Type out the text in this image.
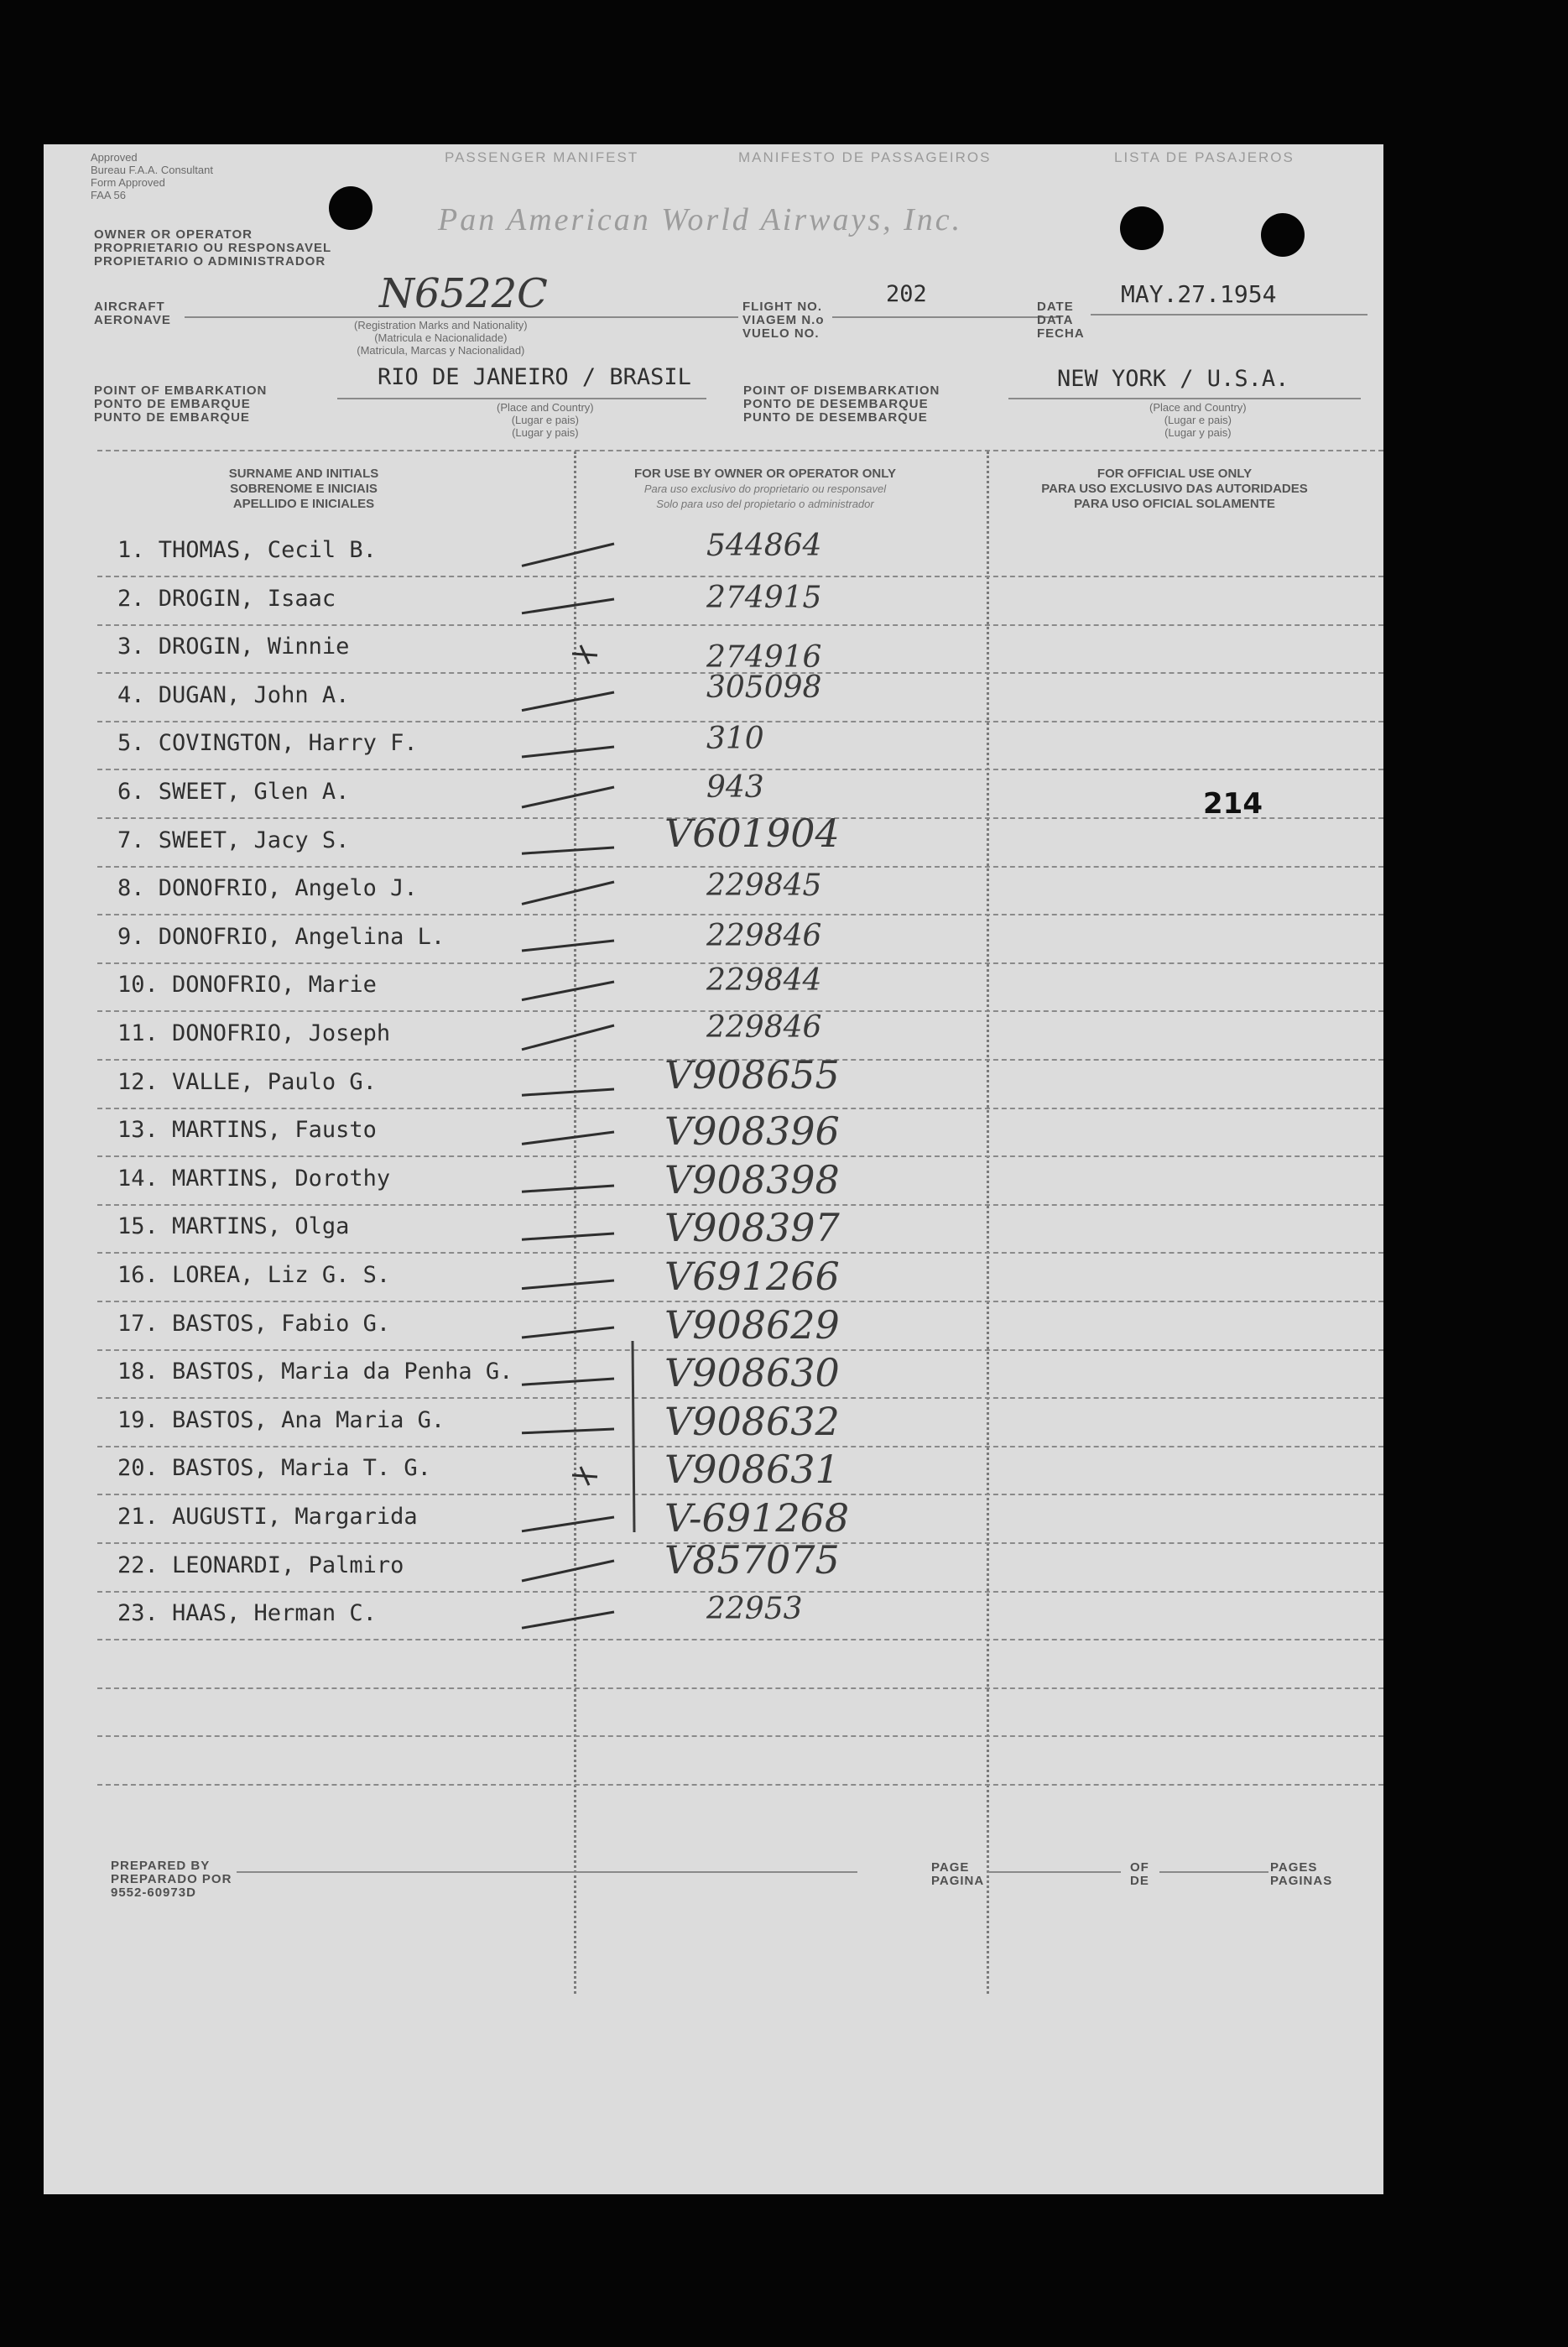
Approved
Bureau F.A.A. Consultant
Form Approved
FAA 56
PASSENGER MANIFEST	MANIFESTO DE PASSAGEIROS	LISTA DE PASAJEROS
Pan American World Airways, Inc.
OWNER OR OPERATOR
PROPRIETARIO OU RESPONSAVEL
PROPIETARIO O ADMINISTRADOR
AIRCRAFT
AERONAVE
N6522C
(Registration Marks and Nationality)
(Matricula e Nacionalidade)
(Matricula, Marcas y Nacionalidad)
FLIGHT NO.
VIAGEM N.o
VUELO NO.
202	DATE
DATA
FECHA
MAY.27.1954
POINT OF EMBARKATION
PONTO DE EMBARQUE
PUNTO DE EMBARQUE
RIO DE JANEIRO / BRASIL
(Place and Country)
(Lugar e pais)
(Lugar y pais)
POINT OF DISEMBARKATION
PONTO DE DESEMBARQUE
PUNTO DE DESEMBARQUE
NEW YORK / U.S.A.
(Place and Country)
(Lugar e pais)
(Lugar y pais)
SURNAME AND INITIALS
SOBRENOME E INICIAIS
APELLIDO E INICIALES
FOR USE BY OWNER OR OPERATOR ONLY
Para uso exclusivo do proprietario ou responsavel
Solo para uso del propietario o administrador
FOR OFFICIAL USE ONLY
PARA USO EXCLUSIVO DAS AUTORIDADES
PARA USO OFICIAL SOLAMENTE
1. THOMAS, Cecil B.	544864
2. DROGIN, Isaac	274915
3. DROGIN, Winnie	274916
4. DUGAN, John A.	305098
5. COVINGTON, Harry F.	310
6. SWEET, Glen A.	943
7. SWEET, Jacy S.	V601904
8. DONOFRIO, Angelo J.	229845
9. DONOFRIO, Angelina L.	229846
10. DONOFRIO, Marie	229844
11. DONOFRIO, Joseph	229846
12. VALLE, Paulo G.	V908655
13. MARTINS, Fausto	V908396
14. MARTINS, Dorothy	V908398
15. MARTINS, Olga	V908397
16. LOREA, Liz G. S.	V691266
17. BASTOS, Fabio G.	V908629
18. BASTOS, Maria da Penha G.	V908630
19. BASTOS, Ana Maria G.	V908632
20. BASTOS, Maria T. G.	V908631
21. AUGUSTI, Margarida	V-691268
22. LEONARDI, Palmiro	V857075
23. HAAS, Herman C.	22953
214
PREPARED BY
PREPARADO POR
9552-60973D
PAGE
PAGINA
OF
DE
PAGES
PAGINAS
